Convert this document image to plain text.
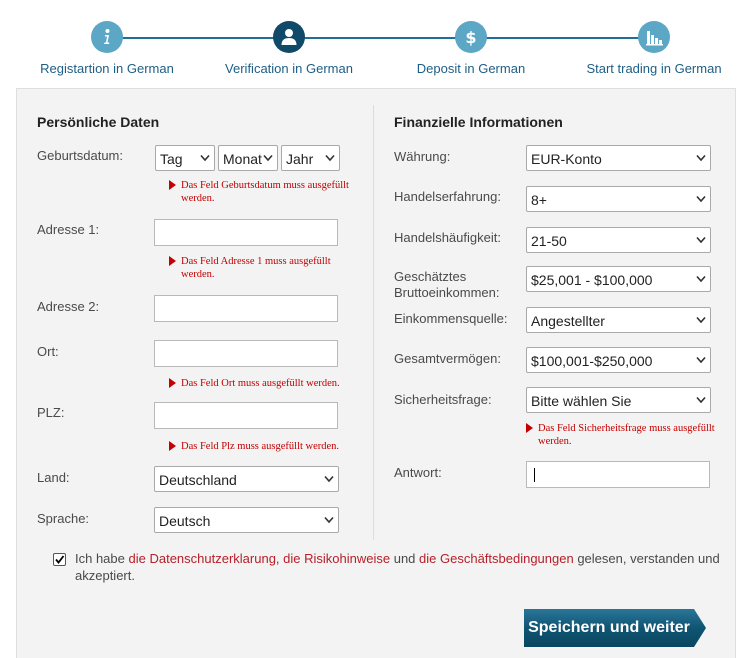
$
Registartion in German	Verification in German	Deposit in German	Start trading in German
Persönliche Daten
Geburtsdatum:	Tag	Monat Jahr
Das Feld Geburtsdatum muss ausgefüllt werden.
Adresse 1:
Das Feld Adresse 1 muss ausgefüllt werden.
Adresse 2:
Ort:
Das Feld Ort muss ausgefüllt werden.
PLZ:
Das Feld Plz muss ausgefüllt werden.
Land:	Deutschland
Sprache:	Deutsch
Finanzielle Informationen
Währung:	EUR-Konto
Handelserfahrung: 8+
Handelshäufigkeit: 21-50
Geschätztes
Bruttoeinkommen:
$25,001 - $100,000
Einkommensquelle: Angestellter
Gesamtvermögen: $100,001-$250,000
Sicherheitsfrage:	Bitte wählen Sie
Das Feld Sicherheitsfrage muss ausgefüllt werden.
Antwort:
Ich habe die Datenschutzerklarung, die Risikohinweise und die Geschäftsbedingungen gelesen, verstanden und akzeptiert.
Speichern und weiter
